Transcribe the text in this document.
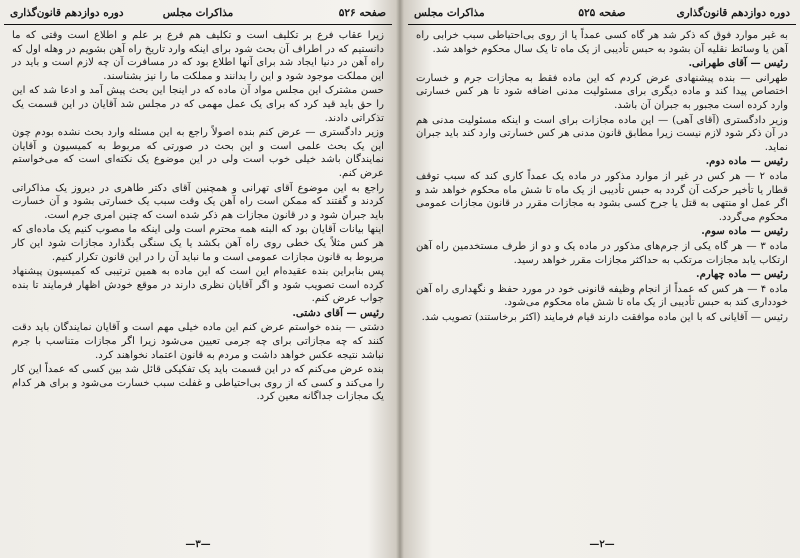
صفحه ۵۲۶
مذاکرات مجلس
دوره دوازدهم قانون‌گذاری

زیرا عقاب فرع بر تکلیف است و تکلیف هم فرع بر علم و اطلاع است وقتی که ما دانستیم که در اطراف آن بحث شود برای اینکه وارد تاریخ راه آهن بشویم در وهله اول که راه آهن در دنیا ایجاد شد برای آنها اطلاع بود که در مسافرت آن چه لازم است و باید در این مملکت موجود شود و این را بدانند و مملکت ما را نیز بشناسند.

حسن مشترک این مجلس مواد آن ماده که در اینجا این بحث پیش آمد و ادعا شد که این را حق باید قید کرد که برای یک عمل مهمی که در مجلس شد آقایان در این قسمت یک تذکراتی دادند.

وزیر دادگستری — عرض کنم بنده اصولاً راجع به این مسئله وارد بحث نشده بودم چون این یک بحث علمی است و این بحث در صورتی که مربوط به کمیسیون و آقایان نمایندگان باشد خیلی خوب است ولی در این موضوع یک نکته‌ای است که می‌خواستم عرض کنم.

راجع به این موضوع آقای تهرانی و همچنین آقای دکتر طاهری در دیروز یک مذاکراتی کردند و گفتند که ممکن است راه آهن یک وقت سبب یک خسارتی بشود و آن خسارت باید جبران شود و در قانون مجازات هم ذکر شده است که چنین امری جرم است.

اینها بیانات آقایان بود که البته همه محترم است ولی اینکه ما مصوب کنیم یک ماده‌ای که هر کس مثلاً یک خطی روی راه آهن بکشد یا یک سنگی بگذارد مجازات شود این کار مربوط به قانون مجازات عمومی است و ما نباید آن را در این قانون تکرار کنیم.

پس بنابراین بنده عقیده‌ام این است که این ماده به همین ترتیبی که کمیسیون پیشنهاد کرده است تصویب شود و اگر آقایان نظری دارند در موقع خودش اظهار فرمایند تا بنده جواب عرض کنم.

رئیس — آقای دشتی.

دشتی — بنده خواستم عرض کنم این ماده خیلی مهم است و آقایان نمایندگان باید دقت کنند که چه مجازاتی برای چه جرمی تعیین می‌شود زیرا اگر مجازات متناسب با جرم نباشد نتیجه عکس خواهد داشت و مردم به قانون اعتماد نخواهند کرد.

بنده عرض می‌کنم که در این قسمت باید یک تفکیکی قائل شد بین کسی که عمداً این کار را می‌کند و کسی که از روی بی‌احتیاطی و غفلت سبب خسارت می‌شود و برای هر کدام یک مجازات جداگانه معین کرد.

—۳—
دوره دوازدهم قانون‌گذاری
صفحه ۵۲۵
مذاکرات مجلس

به غیر موارد فوق که ذکر شد هر گاه کسی عمداً یا از روی بی‌احتیاطی سبب خرابی راه آهن یا وسائط نقلیه آن بشود به حبس تأدیبی از یک ماه تا یک سال محکوم خواهد شد.

رئیس — آقای طهرانی.

طهرانی — بنده پیشنهادی عرض کردم که این ماده فقط به مجازات جرم و خسارت اختصاص پیدا کند و ماده دیگری برای مسئولیت مدنی اضافه شود تا هر کس خسارتی وارد کرده است مجبور به جبران آن باشد.

وزیر دادگستری (آقای آهی) — این ماده مجازات برای است و اینکه مسئولیت مدنی هم در آن ذکر شود لازم نیست زیرا مطابق قانون مدنی هر کس خسارتی وارد کند باید جبران نماید.

رئیس — ماده دوم.

ماده ۲ — هر کس در غیر از موارد مذکور در ماده یک عمداً کاری کند که سبب توقف قطار یا تأخیر حرکت آن گردد به حبس تأدیبی از یک ماه تا شش ماه محکوم خواهد شد و اگر عمل او منتهی به قتل یا جرح کسی بشود به مجازات مقرر در قانون مجازات عمومی محکوم می‌گردد.

رئیس — ماده سوم.

ماده ۳ — هر گاه یکی از جرم‌های مذکور در ماده یک و دو از طرف مستخدمین راه آهن ارتکاب یابد مجازات مرتکب به حداکثر مجازات مقرر خواهد رسید.

رئیس — ماده چهارم.

ماده ۴ — هر کس که عمداً از انجام وظیفه قانونی خود در مورد حفظ و نگهداری راه آهن خودداری کند به حبس تأدیبی از یک ماه تا شش ماه محکوم می‌شود.

رئیس — آقایانی که با این ماده موافقت دارند قیام فرمایند (اکثر برخاستند) تصویب شد.

—۲—
